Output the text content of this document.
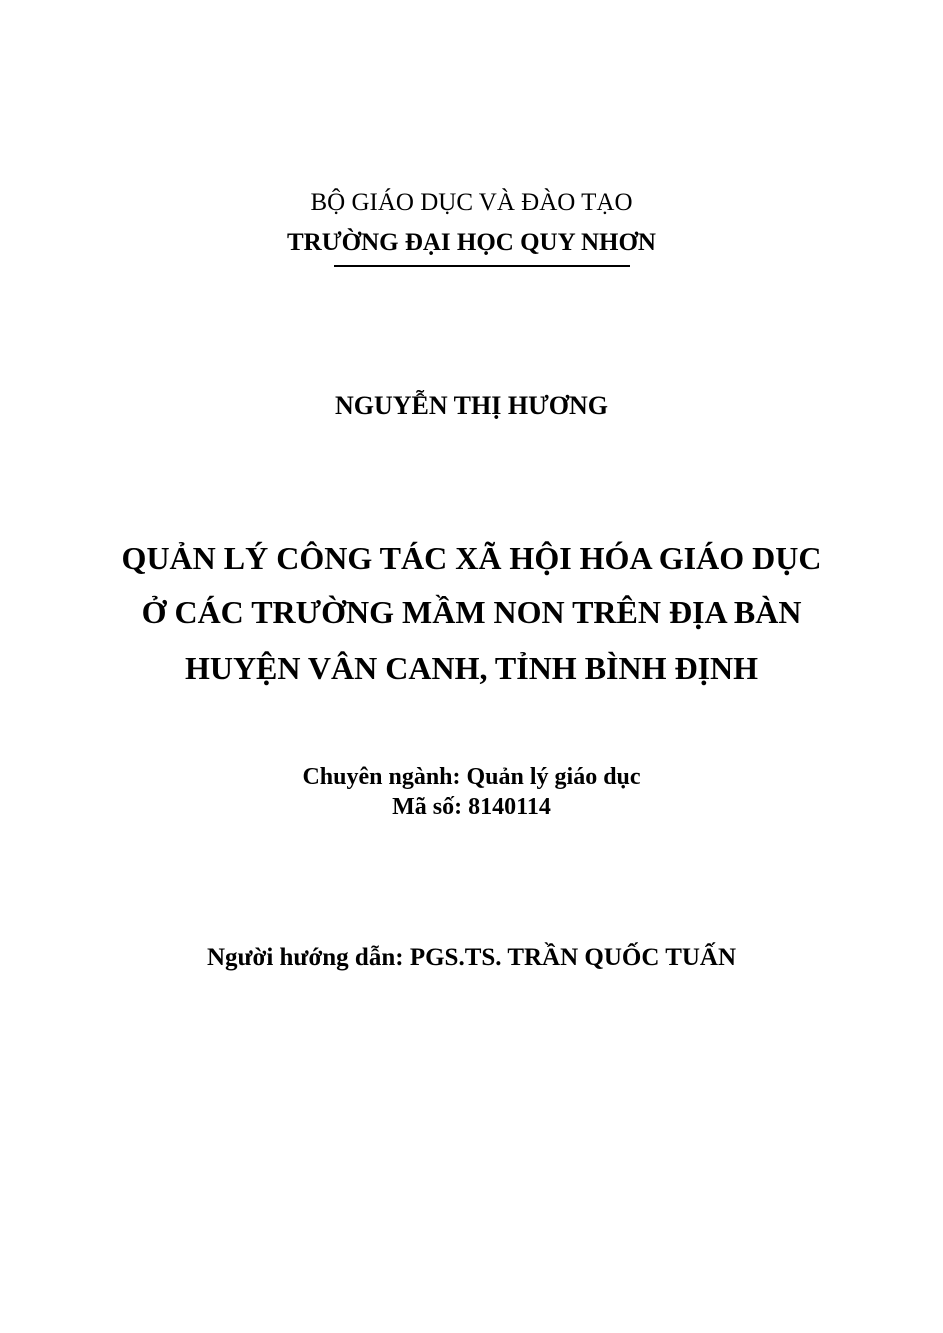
BỘ GIÁO DỤC VÀ ĐÀO TẠO
TRƯỜNG ĐẠI HỌC QUY NHƠN
NGUYỄN THỊ HƯƠNG
QUẢN LÝ CÔNG TÁC XÃ HỘI HÓA GIÁO DỤC
Ở CÁC TRƯỜNG MẦM NON TRÊN ĐỊA BÀN
HUYỆN VÂN CANH, TỈNH BÌNH ĐỊNH
Chuyên ngành: Quản lý giáo dục
Mã số: 8140114
Người hướng dẫn: PGS.TS. TRẦN QUỐC TUẤN
